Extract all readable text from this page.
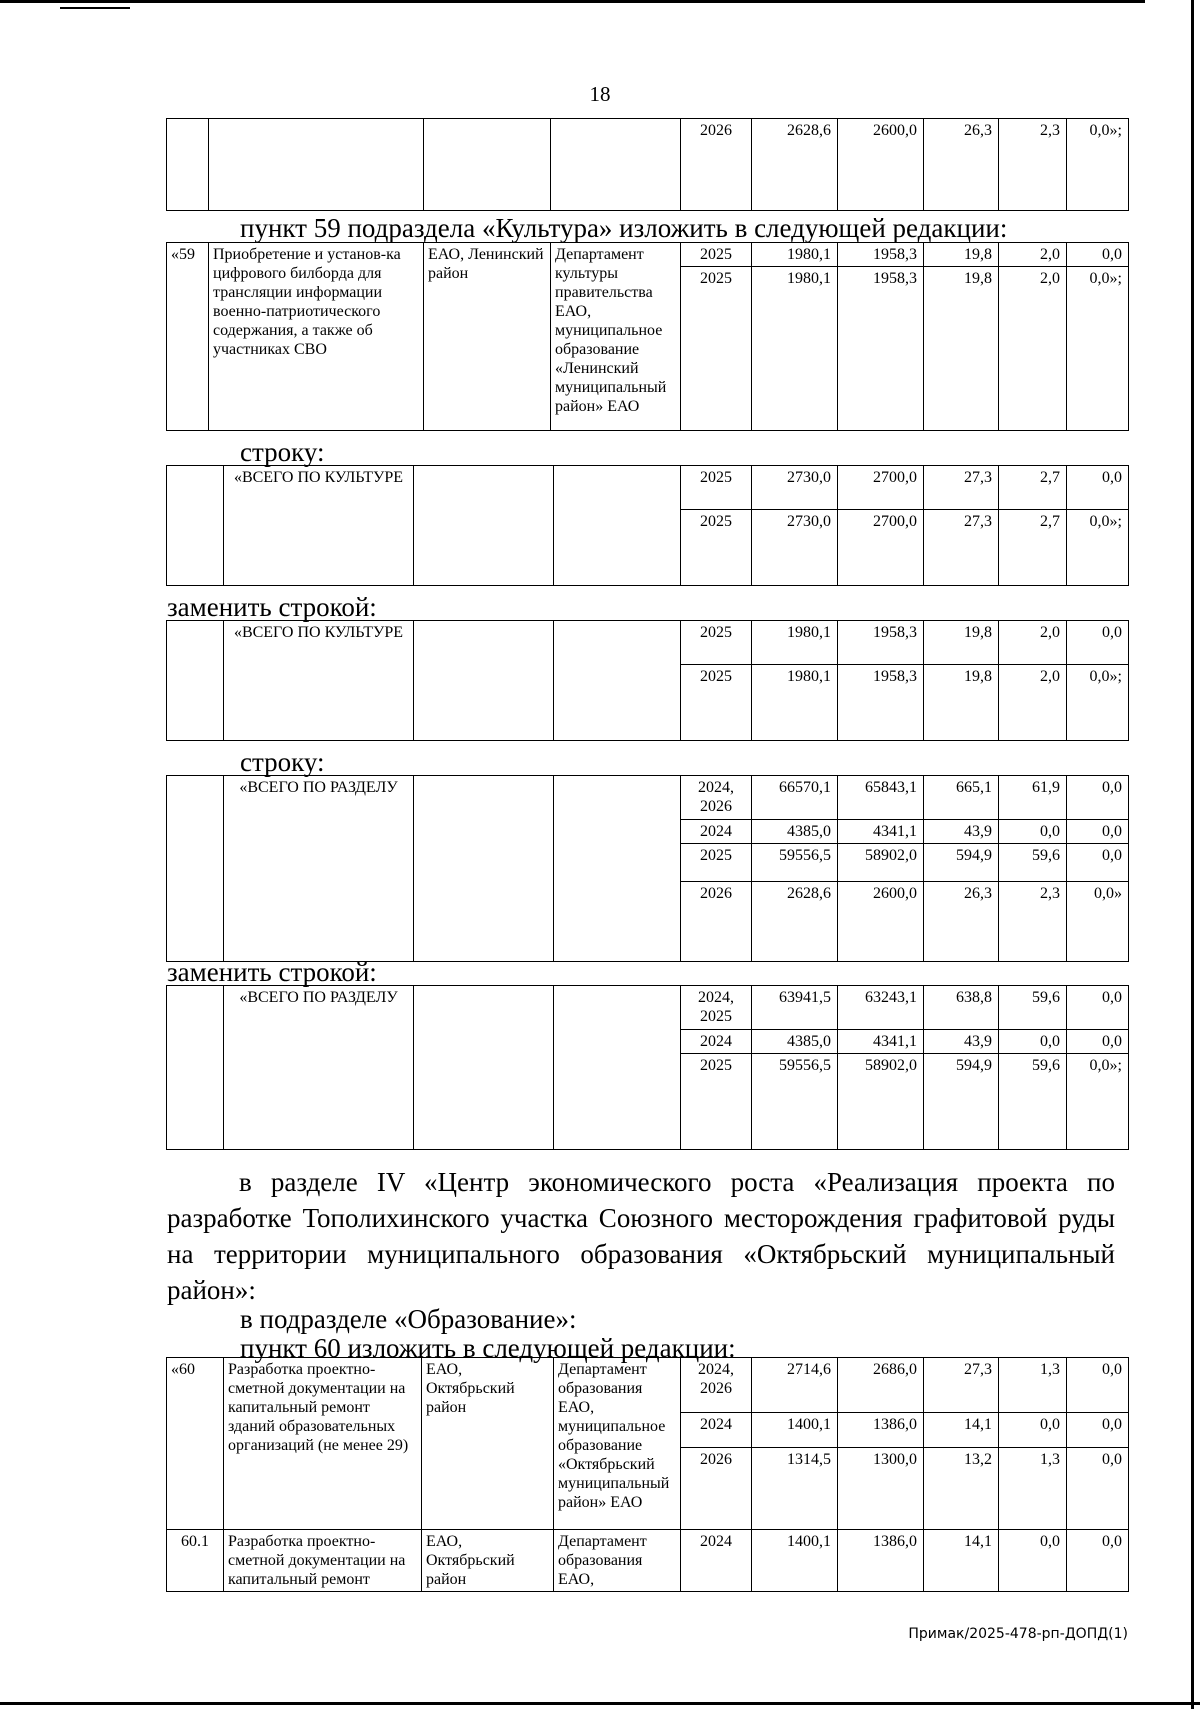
18
				2026	2628,6	2600,0	26,3	2,3	0,0»;
пункт 59 подраздела «Культура» изложить в следующей редакции:
«59	Приобретение и установ-ка цифрового билборда для трансляции информации военно-патриотического содержания, а также об участниках СВО	ЕАО, Ленинский район	Департамент культуры правительства ЕАО, муниципальное образование «Ленинский муниципальный район» ЕАО	2025	1980,1	1958,3	19,8	2,0	0,0
				2025	1980,1	1958,3	19,8	2,0	0,0»;
строку:
	«ВСЕГО ПО КУЛЬТУРЕ			2025	2730,0	2700,0	27,3	2,7	0,0
				2025	2730,0	2700,0	27,3	2,7	0,0»;
заменить строкой:
	«ВСЕГО ПО КУЛЬТУРЕ			2025	1980,1	1958,3	19,8	2,0	0,0
				2025	1980,1	1958,3	19,8	2,0	0,0»;
строку:
	«ВСЕГО ПО РАЗДЕЛУ			2024, 2026	66570,1	65843,1	665,1	61,9	0,0
				2024	4385,0	4341,1	43,9	0,0	0,0
				2025	59556,5	58902,0	594,9	59,6	0,0
				2026	2628,6	2600,0	26,3	2,3	0,0»
заменить строкой:
	«ВСЕГО ПО РАЗДЕЛУ			2024, 2025	63941,5	63243,1	638,8	59,6	0,0
				2024	4385,0	4341,1	43,9	0,0	0,0
				2025	59556,5	58902,0	594,9	59,6	0,0»;
в разделе IV «Центр экономического роста «Реализация проекта по разработке Тополихинского участка Союзного месторождения графитовой руды на территории муниципального образования «Октябрьский муниципальный район»:
в подразделе «Образование»:
пункт 60 изложить в следующей редакции:
«60	Разработка проектно-сметной документации на капитальный ремонт зданий образовательных организаций (не менее 29)	ЕАО, Октябрьский район	Департамент образования ЕАО, муниципальное образование «Октябрьский муниципальный район» ЕАО	2024, 2026	2714,6	2686,0	27,3	1,3	0,0
				2024	1400,1	1386,0	14,1	0,0	0,0
				2026	1314,5	1300,0	13,2	1,3	0,0
60.1	Разработка проектно-сметной документации на капитальный ремонт	ЕАО, Октябрьский район	Департамент образования ЕАО,	2024	1400,1	1386,0	14,1	0,0	0,0
Примак/2025-478-рп-ДОПД(1)
